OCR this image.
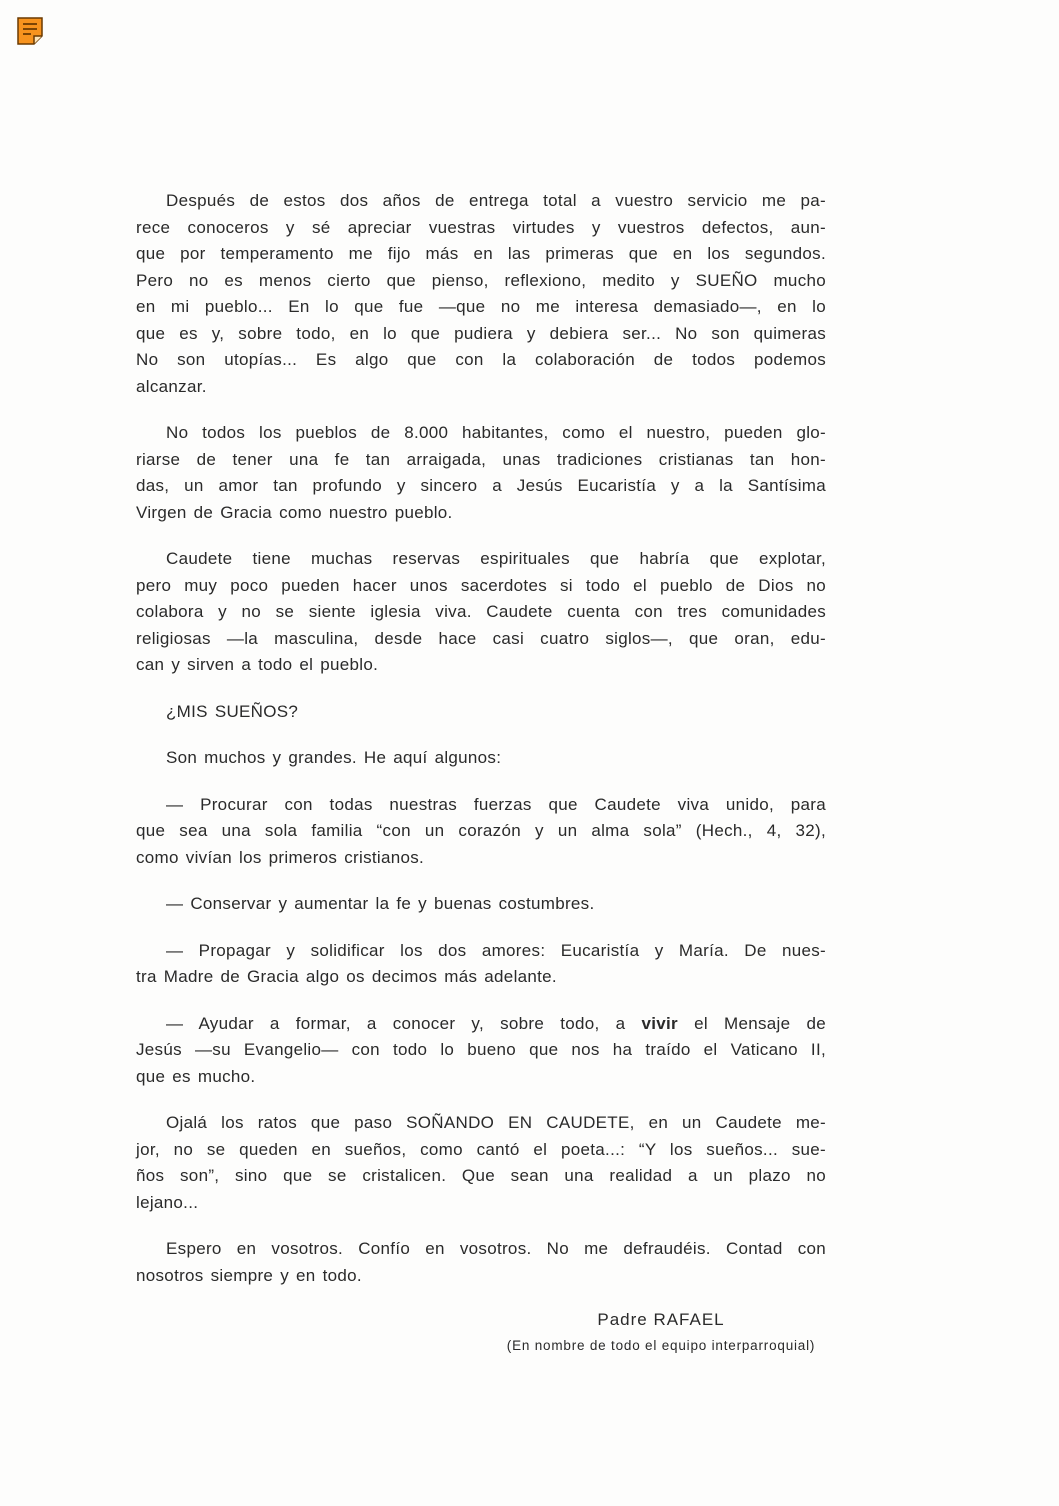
Después de estos dos años de entrega total a vuestro servicio me pa-
rece conoceros y sé apreciar vuestras virtudes y vuestros defectos, aun-
que por temperamento me fijo más en las primeras que en los segundos.
Pero no es menos cierto que pienso, reflexiono, medito y SUEÑO mucho
en mi pueblo... En lo que fue —que no me interesa demasiado—, en lo
que es y, sobre todo, en lo que pudiera y debiera ser... No son quimeras
No son utopías... Es algo que con la colaboración de todos podemos
alcanzar.
No todos los pueblos de 8.000 habitantes, como el nuestro, pueden glo-
riarse de tener una fe tan arraigada, unas tradiciones cristianas tan hon-
das, un amor tan profundo y sincero a Jesús Eucaristía y a la Santísima
Virgen de Gracia como nuestro pueblo.
Caudete tiene muchas reservas espirituales que habría que explotar,
pero muy poco pueden hacer unos sacerdotes si todo el pueblo de Dios no
colabora y no se siente iglesia viva. Caudete cuenta con tres comunidades
religiosas —la masculina, desde hace casi cuatro siglos—, que oran, edu-
can y sirven a todo el pueblo.
¿MIS SUEÑOS?
Son muchos y grandes. He aquí algunos:
— Procurar con todas nuestras fuerzas que Caudete viva unido, para
que sea una sola familia “con un corazón y un alma sola” (Hech., 4, 32),
como vivían los primeros cristianos.
— Conservar y aumentar la fe y buenas costumbres.
— Propagar y solidificar los dos amores: Eucaristía y María. De nues-
tra Madre de Gracia algo os decimos más adelante.
— Ayudar a formar, a conocer y, sobre todo, a vivir el Mensaje de
Jesús —su Evangelio— con todo lo bueno que nos ha traído el Vaticano II,
que es mucho.
Ojalá los ratos que paso SOÑANDO EN CAUDETE, en un Caudete me-
jor, no se queden en sueños, como cantó el poeta...: “Y los sueños... sue-
ños son”, sino que se cristalicen. Que sean una realidad a un plazo no
lejano...
Espero en vosotros. Confío en vosotros. No me defraudéis. Contad con
nosotros siempre y en todo.
Padre RAFAEL
(En nombre de todo el equipo interparroquial)
